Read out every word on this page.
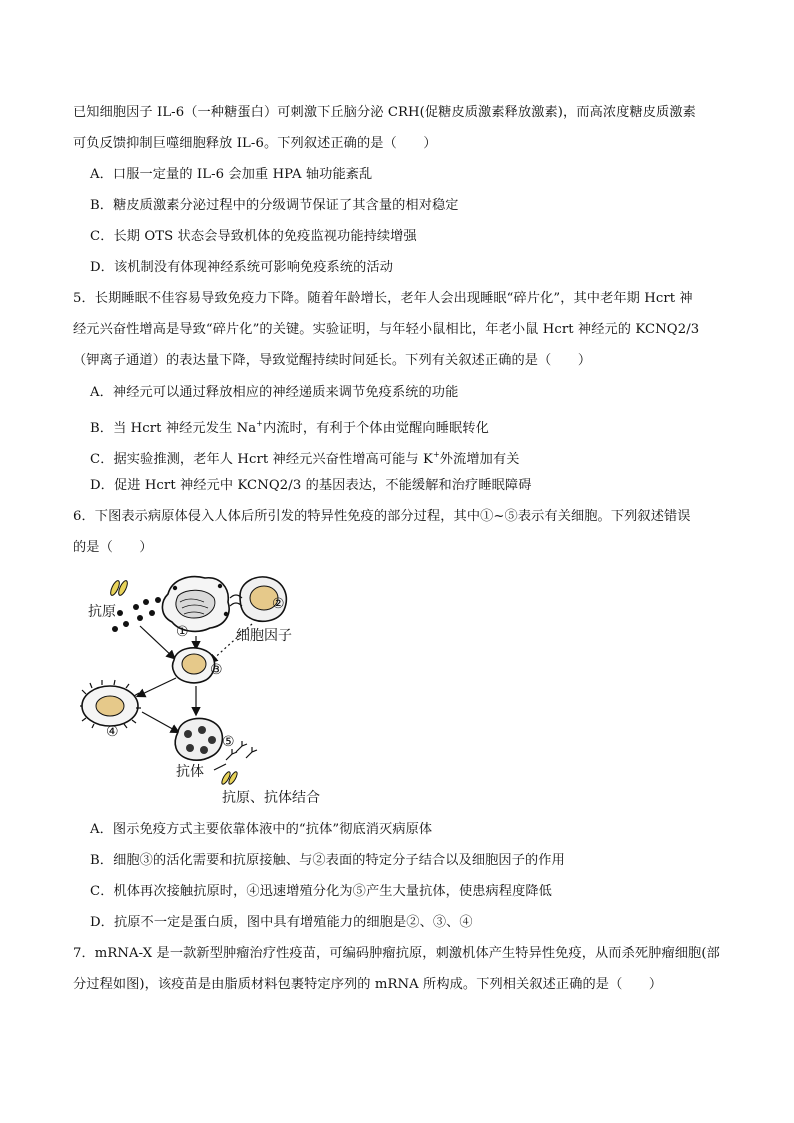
已知细胞因子 IL-6（一种糖蛋白）可刺激下丘脑分泌 CRH(促糖皮质激素释放激素)，而高浓度糖皮质激素
可负反馈抑制巨噬细胞释放 IL-6。下列叙述正确的是（　　）
A．口服一定量的 IL-6 会加重 HPA 轴功能紊乱
B．糖皮质激素分泌过程中的分级调节保证了其含量的相对稳定
C．长期 OTS 状态会导致机体的免疫监视功能持续增强
D．该机制没有体现神经系统可影响免疫系统的活动
5．长期睡眠不佳容易导致免疫力下降。随着年龄增长，老年人会出现睡眠“碎片化”，其中老年期 Hcrt 神
经元兴奋性增高是导致“碎片化”的关键。实验证明，与年轻小鼠相比，年老小鼠 Hcrt 神经元的 KCNQ2/3
（钾离子通道）的表达量下降，导致觉醒持续时间延长。下列有关叙述正确的是（　　）
A．神经元可以通过释放相应的神经递质来调节免疫系统的功能
B．当 Hcrt 神经元发生 Na+内流时，有利于个体由觉醒向睡眠转化
C．据实验推测，老年人 Hcrt 神经元兴奋性增高可能与 K+外流增加有关
D．促进 Hcrt 神经元中 KCNQ2/3 的基因表达，不能缓解和治疗睡眠障碍
6．下图表示病原体侵入人体后所引发的特异性免疫的部分过程，其中①~⑤表示有关细胞。下列叙述错误
的是（　　）
抗原
①
②
细胞因子
③
④
⑤
抗体
抗原、抗体结合
A．图示免疫方式主要依靠体液中的“抗体”彻底消灭病原体
B．细胞③的活化需要和抗原接触、与②表面的特定分子结合以及细胞因子的作用
C．机体再次接触抗原时，④迅速增殖分化为⑤产生大量抗体，使患病程度降低
D．抗原不一定是蛋白质，图中具有增殖能力的细胞是②、③、④
7．mRNA-X 是一款新型肿瘤治疗性疫苗，可编码肿瘤抗原，刺激机体产生特异性免疫，从而杀死肿瘤细胞(部
分过程如图)，该疫苗是由脂质材料包裹特定序列的 mRNA 所构成。下列相关叙述正确的是（　　）
